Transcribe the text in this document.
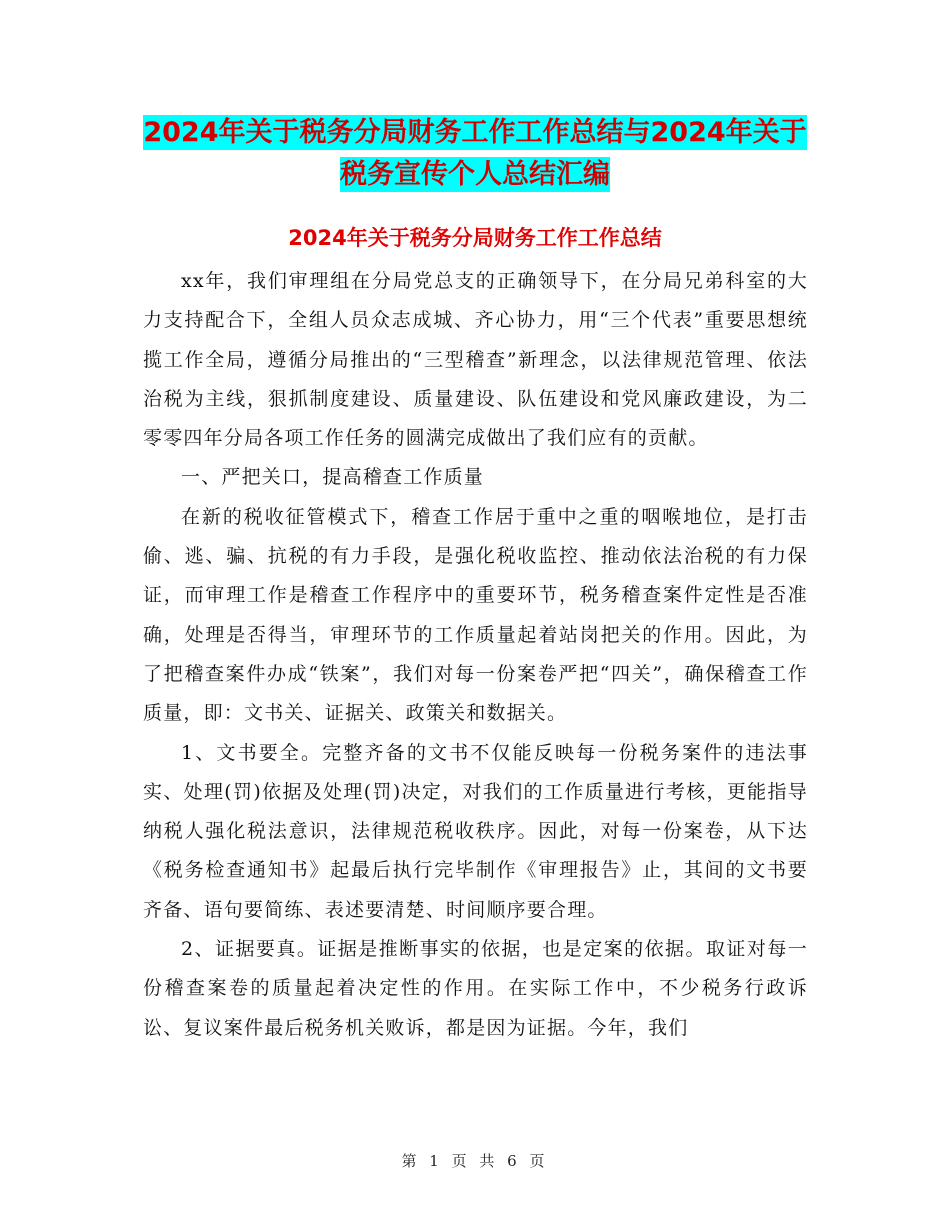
2024年关于税务分局财务工作工作总结与2024年关于
税务宣传个人总结汇编
2024年关于税务分局财务工作工作总结

xx年，我们审理组在分局党总支的正确领导下，在分局兄弟科室的大力支持配合下，全组人员众志成城、齐心协力，用“三个代表”重要思想统揽工作全局，遵循分局推出的“三型稽查”新理念，以法律规范管理、依法治税为主线，狠抓制度建设、质量建设、队伍建设和党风廉政建设，为二零零四年分局各项工作任务的圆满完成做出了我们应有的贡献。

一、严把关口，提高稽查工作质量

在新的税收征管模式下，稽查工作居于重中之重的咽喉地位，是打击偷、逃、骗、抗税的有力手段，是强化税收监控、推动依法治税的有力保证，而审理工作是稽查工作程序中的重要环节，税务稽查案件定性是否准确，处理是否得当，审理环节的工作质量起着站岗把关的作用。因此，为了把稽查案件办成“铁案”，我们对每一份案卷严把“四关”，确保稽查工作质量，即：文书关、证据关、政策关和数据关。

1、文书要全。完整齐备的文书不仅能反映每一份税务案件的违法事实、处理(罚)依据及处理(罚)决定，对我们的工作质量进行考核，更能指导纳税人强化税法意识，法律规范税收秩序。因此，对每一份案卷，从下达《税务检查通知书》起最后执行完毕制作《审理报告》止，其间的文书要齐备、语句要简练、表述要清楚、时间顺序要合理。

2、证据要真。证据是推断事实的依据，也是定案的依据。取证对每一份稽查案卷的质量起着决定性的作用。在实际工作中，不少税务行政诉讼、复议案件最后税务机关败诉，都是因为证据。今年，我们

第 1 页 共 6 页
